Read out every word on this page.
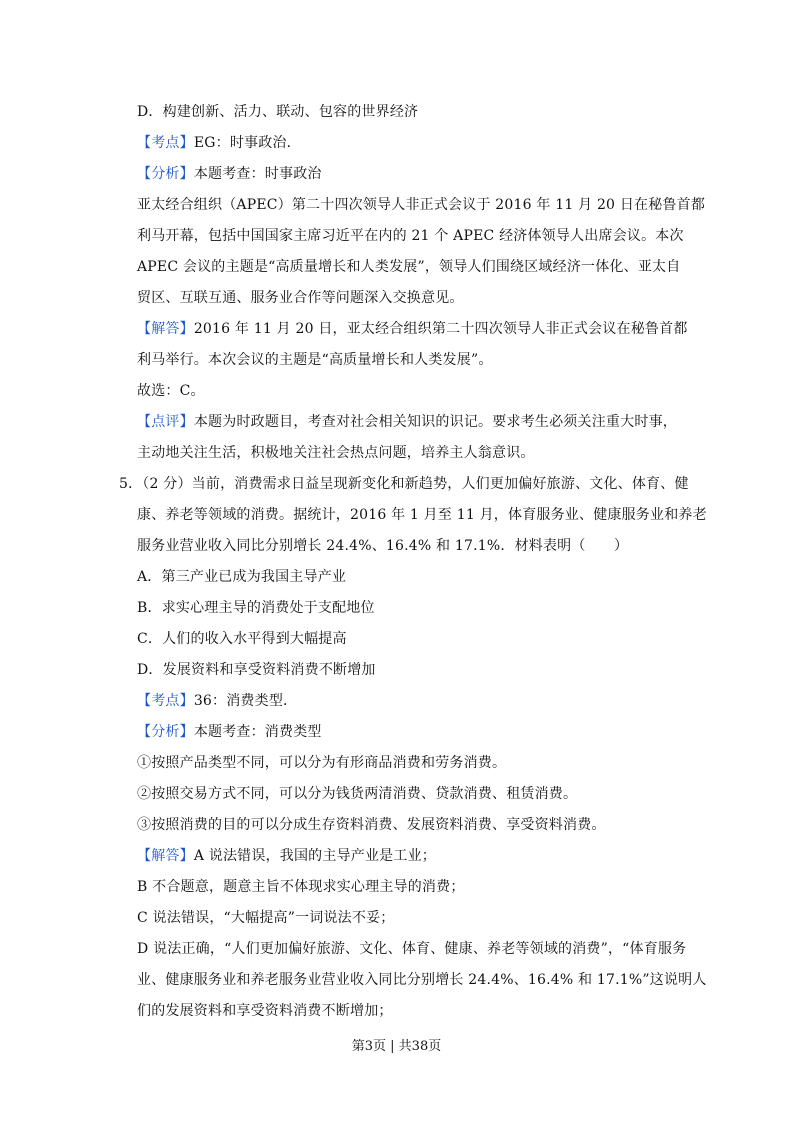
D．构建创新、活力、联动、包容的世界经济
【考点】EG：时事政治．
【分析】本题考查：时事政治
亚太经合组织（APEC）第二十四次领导人非正式会议于 2016 年 11 月 20 日在秘鲁首都
利马开幕，包括中国国家主席习近平在内的 21 个 APEC 经济体领导人出席会议。本次
APEC 会议的主题是“高质量增长和人类发展”，领导人们围绕区域经济一体化、亚太自
贸区、互联互通、服务业合作等问题深入交换意见。
【解答】2016 年 11 月 20 日，亚太经合组织第二十四次领导人非正式会议在秘鲁首都
利马举行。本次会议的主题是“高质量增长和人类发展”。
故选：C。
【点评】本题为时政题目，考查对社会相关知识的识记。要求考生必须关注重大时事，
主动地关注生活，积极地关注社会热点问题，培养主人翁意识。
5．（2 分）当前，消费需求日益呈现新变化和新趋势，人们更加偏好旅游、文化、体育、健
康、养老等领域的消费。据统计，2016 年 1 月至 11 月，体育服务业、健康服务业和养老
服务业营业收入同比分别增长 24.4%、16.4% 和 17.1%．材料表明（　　）
A．第三产业已成为我国主导产业
B．求实心理主导的消费处于支配地位
C．人们的收入水平得到大幅提高
D．发展资料和享受资料消费不断增加
【考点】36：消费类型．
【分析】本题考查：消费类型
①按照产品类型不同，可以分为有形商品消费和劳务消费。
②按照交易方式不同，可以分为钱货两清消费、贷款消费、租赁消费。
③按照消费的目的可以分成生存资料消费、发展资料消费、享受资料消费。
【解答】A 说法错误，我国的主导产业是工业；
B 不合题意，题意主旨不体现求实心理主导的消费；
C 说法错误，“大幅提高”一词说法不妥；
D 说法正确，“人们更加偏好旅游、文化、体育、健康、养老等领域的消费”，“体育服务
业、健康服务业和养老服务业营业收入同比分别增长 24.4%、16.4% 和 17.1%”这说明人
们的发展资料和享受资料消费不断增加；
第3页 | 共38页
